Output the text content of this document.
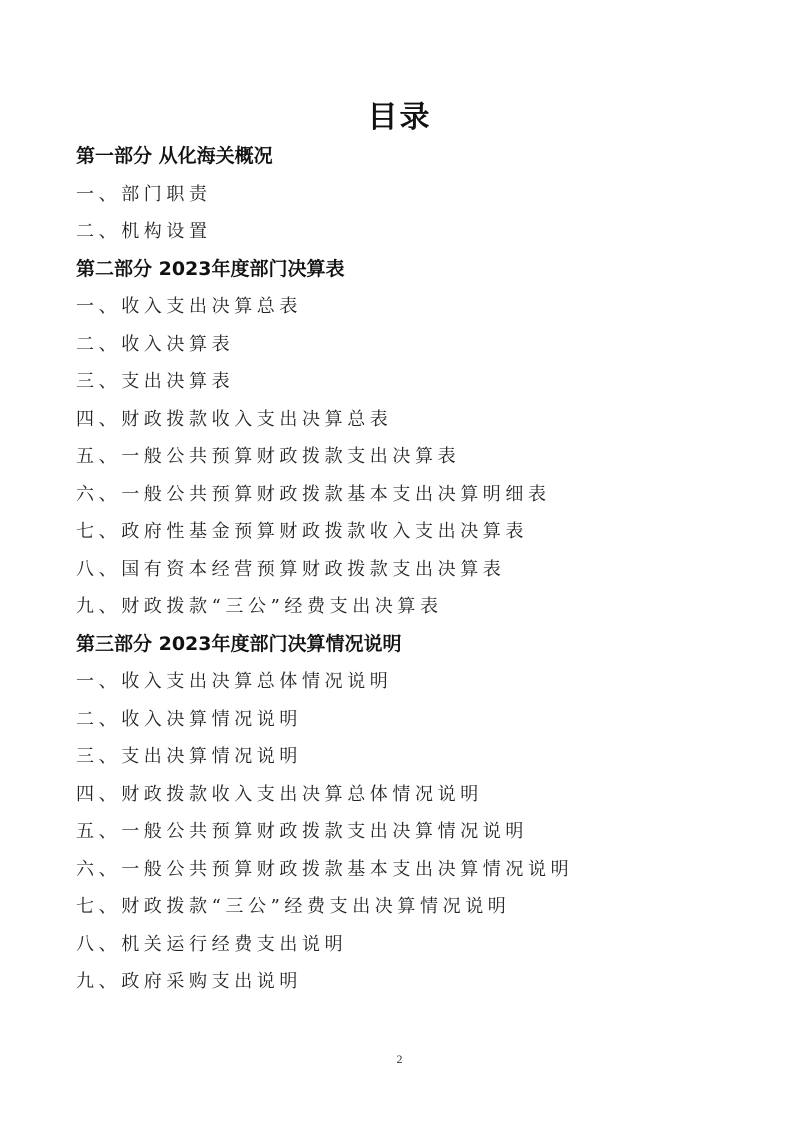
目录
第一部分 从化海关概况
一、部门职责
二、机构设置
第二部分 2023年度部门决算表
一、收入支出决算总表
二、收入决算表
三、支出决算表
四、财政拨款收入支出决算总表
五、一般公共预算财政拨款支出决算表
六、一般公共预算财政拨款基本支出决算明细表
七、政府性基金预算财政拨款收入支出决算表
八、国有资本经营预算财政拨款支出决算表
九、财政拨款“三公”经费支出决算表
第三部分 2023年度部门决算情况说明
一、收入支出决算总体情况说明
二、收入决算情况说明
三、支出决算情况说明
四、财政拨款收入支出决算总体情况说明
五、一般公共预算财政拨款支出决算情况说明
六、一般公共预算财政拨款基本支出决算情况说明
七、财政拨款“三公”经费支出决算情况说明
八、机关运行经费支出说明
九、政府采购支出说明
2
